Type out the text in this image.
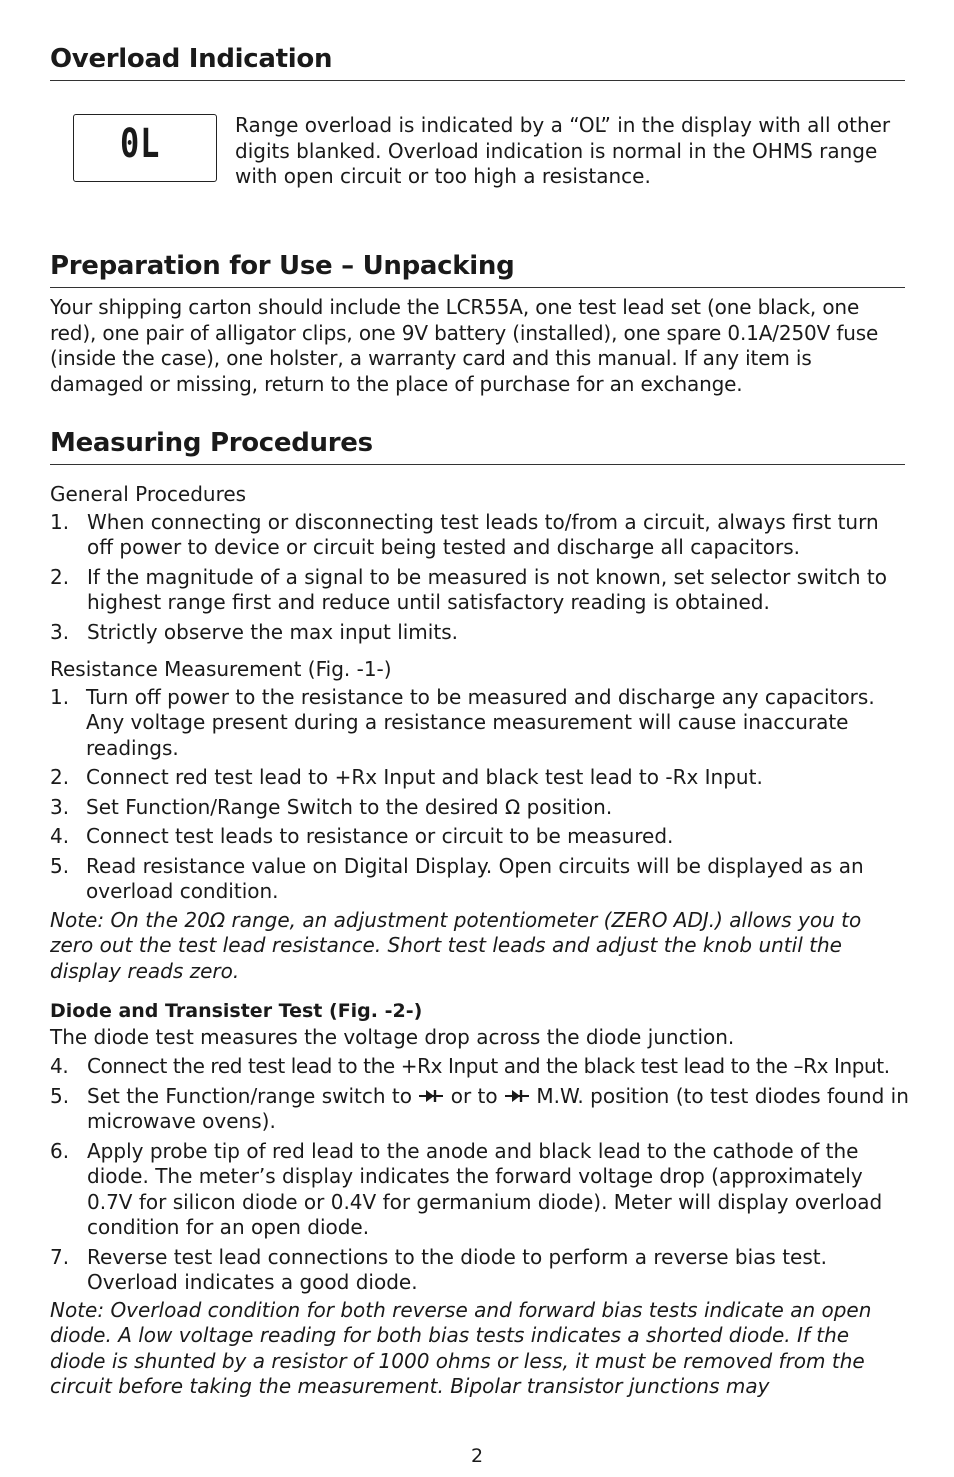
Overload Indication
0L	Range overload is indicated by a “OL” in the display with all other digits blanked. Overload indication is normal in the OHMS range with open circuit or too high a resistance.

Preparation for Use – Unpacking

Your shipping carton should include the LCR55A, one test lead set (one black, one red), one pair of alligator clips, one 9V battery (installed), one spare 0.1A/250V fuse (inside the case), one holster, a warranty card and this manual. If any item is damaged or missing, return to the place of purchase for an exchange.

Measuring Procedures

General Procedures

1. When connecting or disconnecting test leads to/from a circuit, always first turn off power to device or circuit being tested and discharge all capacitors.
2. If the magnitude of a signal to be measured is not known, set selector switch to highest range first and reduce until satisfactory reading is obtained.
3. Strictly observe the max input limits.

Resistance Measurement (Fig. -1-)

1. Turn off power to the resistance to be measured and discharge any capacitors. Any voltage present during a resistance measurement will cause inaccurate readings.
2. Connect red test lead to +Rx Input and black test lead to -Rx Input.
3. Set Function/Range Switch to the desired Ω position.
4. Connect test leads to resistance or circuit to be measured.
5. Read resistance value on Digital Display. Open circuits will be displayed as an overload condition.

Note: On the 20Ω range, an adjustment potentiometer (ZERO ADJ.) allows you to zero out the test lead resistance. Short test leads and adjust the knob until the display reads zero.

Diode and Transister Test (Fig. -2-)

The diode test measures the voltage drop across the diode junction.

4. Connect the red test lead to the +Rx Input and the black test lead to the –Rx Input.
5. Set the Function/range switch to or to M.W. position (to test diodes found in microwave ovens).
6. Apply probe tip of red lead to the anode and black lead to the cathode of the diode. The meter’s display indicates the forward voltage drop (approximately 0.7V for silicon diode or 0.4V for germanium diode). Meter will display overload condition for an open diode.
7. Reverse test lead connections to the diode to perform a reverse bias test. Overload indicates a good diode.

Note: Overload condition for both reverse and forward bias tests indicate an open diode. A low voltage reading for both bias tests indicates a shorted diode. If the diode is shunted by a resistor of 1000 ohms or less, it must be removed from the circuit before taking the measurement. Bipolar transistor junctions may

2
